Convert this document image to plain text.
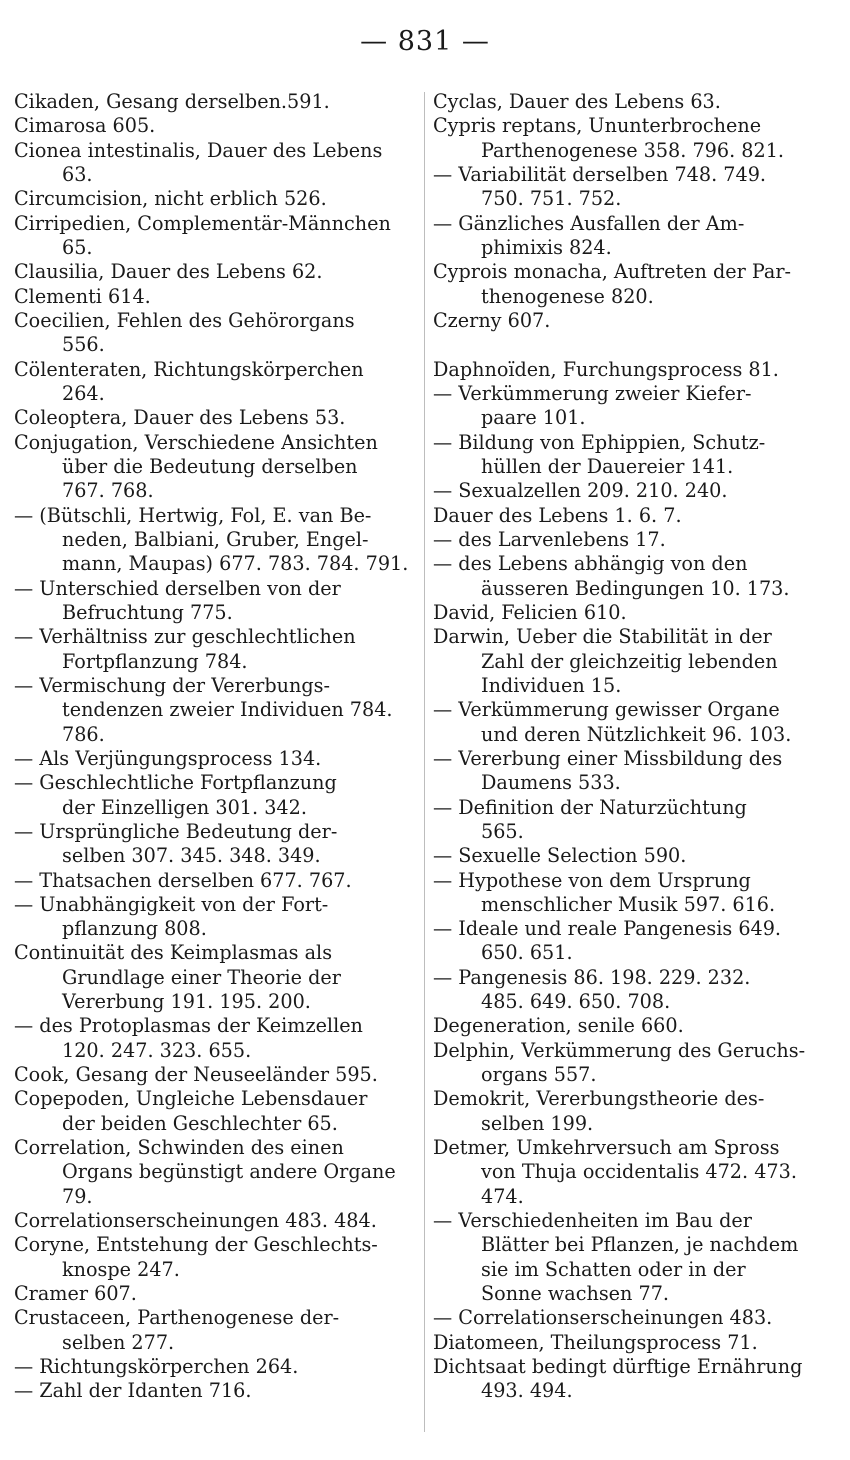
— 831 —
Cikaden, Gesang derselben.591.
Cimarosa 605.
Cionea intestinalis, Dauer des Lebens
63.
Circumcision, nicht erblich 526.
Cirripedien, Complementär-Männchen
65.
Clausilia, Dauer des Lebens 62.
Clementi 614.
Coecilien, Fehlen des Gehörorgans
556.
Cölenteraten, Richtungskörperchen
264.
Coleoptera, Dauer des Lebens 53.
Conjugation, Verschiedene Ansichten
über die Bedeutung derselben
767. 768.
— (Bütschli, Hertwig, Fol, E. van Be-
neden, Balbiani, Gruber, Engel-
mann, Maupas) 677. 783. 784. 791.
— Unterschied derselben von der
Befruchtung 775.
— Verhältniss zur geschlechtlichen
Fortpflanzung 784.
— Vermischung der Vererbungs-
tendenzen zweier Individuen 784.
786.
— Als Verjüngungsprocess 134.
— Geschlechtliche Fortpflanzung
der Einzelligen 301. 342.
— Ursprüngliche Bedeutung der-
selben 307. 345. 348. 349.
— Thatsachen derselben 677. 767.
— Unabhängigkeit von der Fort-
pflanzung 808.
Continuität des Keimplasmas als
Grundlage einer Theorie der
Vererbung 191. 195. 200.
— des Protoplasmas der Keimzellen
120. 247. 323. 655.
Cook, Gesang der Neuseeländer 595.
Copepoden, Ungleiche Lebensdauer
der beiden Geschlechter 65.
Correlation, Schwinden des einen
Organs begünstigt andere Organe
79.
Correlationserscheinungen 483. 484.
Coryne, Entstehung der Geschlechts-
knospe 247.
Cramer 607.
Crustaceen, Parthenogenese der-
selben 277.
— Richtungskörperchen 264.
— Zahl der Idanten 716.
Cyclas, Dauer des Lebens 63.
Cypris reptans, Ununterbrochene
Parthenogenese 358. 796. 821.
— Variabilität derselben 748. 749.
750. 751. 752.
— Gänzliches Ausfallen der Am-
phimixis 824.
Cyprois monacha, Auftreten der Par-
thenogenese 820.
Czerny 607.
Daphnoïden, Furchungsprocess 81.
— Verkümmerung zweier Kiefer-
paare 101.
— Bildung von Ephippien, Schutz-
hüllen der Dauereier 141.
— Sexualzellen 209. 210. 240.
Dauer des Lebens 1. 6. 7.
— des Larvenlebens 17.
— des Lebens abhängig von den
äusseren Bedingungen 10. 173.
David, Felicien 610.
Darwin, Ueber die Stabilität in der
Zahl der gleichzeitig lebenden
Individuen 15.
— Verkümmerung gewisser Organe
und deren Nützlichkeit 96. 103.
— Vererbung einer Missbildung des
Daumens 533.
— Definition der Naturzüchtung
565.
— Sexuelle Selection 590.
— Hypothese von dem Ursprung
menschlicher Musik 597. 616.
— Ideale und reale Pangenesis 649.
650. 651.
— Pangenesis 86. 198. 229. 232.
485. 649. 650. 708.
Degeneration, senile 660.
Delphin, Verkümmerung des Geruchs-
organs 557.
Demokrit, Vererbungstheorie des-
selben 199.
Detmer, Umkehrversuch am Spross
von Thuja occidentalis 472. 473.
474.
— Verschiedenheiten im Bau der
Blätter bei Pflanzen, je nachdem
sie im Schatten oder in der
Sonne wachsen 77.
— Correlationserscheinungen 483.
Diatomeen, Theilungsprocess 71.
Dichtsaat bedingt dürftige Ernährung
493. 494.
